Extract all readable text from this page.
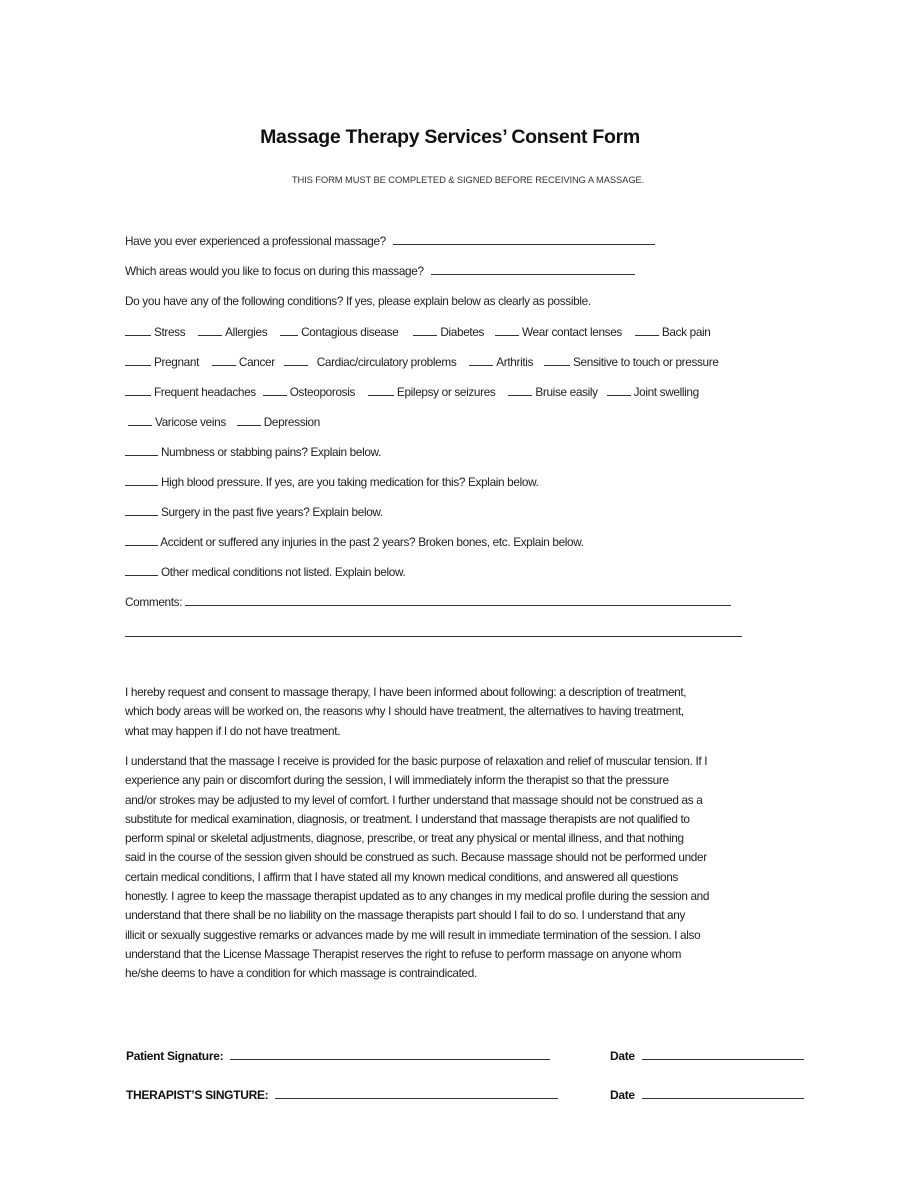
Massage Therapy Services’ Consent Form
THIS FORM MUST BE COMPLETED & SIGNED BEFORE RECEIVING A MASSAGE.
Have you ever experienced a professional massage?
Which areas would you like to focus on during this massage?
Do you have any of the following conditions? If yes, please explain below as clearly as possible.
Stress	Allergies	Contagious disease	Diabetes	Wear contact lenses	Back pain
Pregnant	Cancer	Cardiac/circulatory problems	Arthritis	Sensitive to touch or pressure
Frequent headaches	Osteoporosis	Epilepsy or seizures	Bruise easily	Joint swelling
Varicose veins	Depression
Numbness or stabbing pains? Explain below.
High blood pressure. If yes, are you taking medication for this? Explain below.
Surgery in the past five years? Explain below.
Accident or suffered any injuries in the past 2 years? Broken bones, etc. Explain below.
Other medical conditions not listed. Explain below.
Comments:
I hereby request and consent to massage therapy, I have been informed about following: a description of treatment,
which body areas will be worked on, the reasons why I should have treatment, the alternatives to having treatment,
what may happen if I do not have treatment.
I understand that the massage I receive is provided for the basic purpose of relaxation and relief of muscular tension. If I
experience any pain or discomfort during the session, I will immediately inform the therapist so that the pressure
and/or strokes may be adjusted to my level of comfort. I further understand that massage should not be construed as a
substitute for medical examination, diagnosis, or treatment. I understand that massage therapists are not qualified to
perform spinal or skeletal adjustments, diagnose, prescribe, or treat any physical or mental illness, and that nothing
said in the course of the session given should be construed as such. Because massage should not be performed under
certain medical conditions, I affirm that I have stated all my known medical conditions, and answered all questions
honestly. I agree to keep the massage therapist updated as to any changes in my medical profile during the session and
understand that there shall be no liability on the massage therapists part should I fail to do so. I understand that any
illicit or sexually suggestive remarks or advances made by me will result in immediate termination of the session. I also
understand that the License Massage Therapist reserves the right to refuse to perform massage on anyone whom
he/she deems to have a condition for which massage is contraindicated.
Patient Signature:	Date
THERAPIST’S SINGTURE:	Date
